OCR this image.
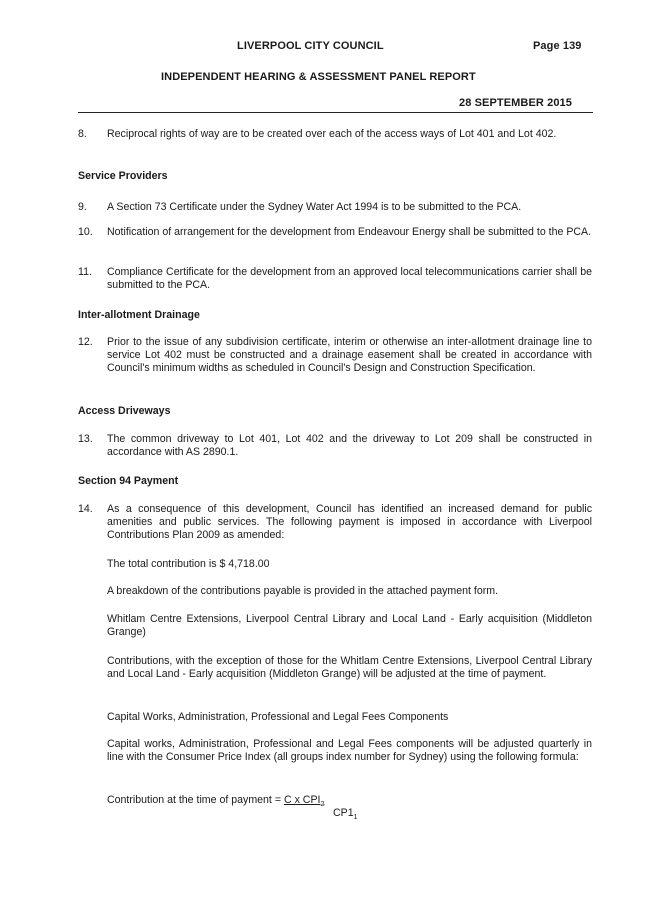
LIVERPOOL CITY COUNCIL	Page 139
INDEPENDENT HEARING & ASSESSMENT PANEL REPORT
28 SEPTEMBER 2015
8. Reciprocal rights of way are to be created over each of the access ways of Lot 401 and Lot 402.
Service Providers
9. A Section 73 Certificate under the Sydney Water Act 1994 is to be submitted to the PCA.
10. Notification of arrangement for the development from Endeavour Energy shall be submitted to the PCA.
11. Compliance Certificate for the development from an approved local telecommunications carrier shall be submitted to the PCA.
Inter-allotment Drainage
12. Prior to the issue of any subdivision certificate, interim or otherwise an inter-allotment drainage line to service Lot 402 must be constructed and a drainage easement shall be created in accordance with Council's minimum widths as scheduled in Council's Design and Construction Specification.
Access Driveways
13. The common driveway to Lot 401, Lot 402 and the driveway to Lot 209 shall be constructed in accordance with AS 2890.1.
Section 94 Payment
14. As a consequence of this development, Council has identified an increased demand for public amenities and public services. The following payment is imposed in accordance with Liverpool Contributions Plan 2009 as amended:
The total contribution is $ 4,718.00
A breakdown of the contributions payable is provided in the attached payment form.
Whitlam Centre Extensions, Liverpool Central Library and Local Land - Early acquisition (Middleton Grange)
Contributions, with the exception of those for the Whitlam Centre Extensions, Liverpool Central Library and Local Land - Early acquisition (Middleton Grange) will be adjusted at the time of payment.
Capital Works, Administration, Professional and Legal Fees Components
Capital works, Administration, Professional and Legal Fees components will be adjusted quarterly in line with the Consumer Price Index (all groups index number for Sydney) using the following formula:
Contribution at the time of payment = C x $CPI_2$
$CP1_1$
